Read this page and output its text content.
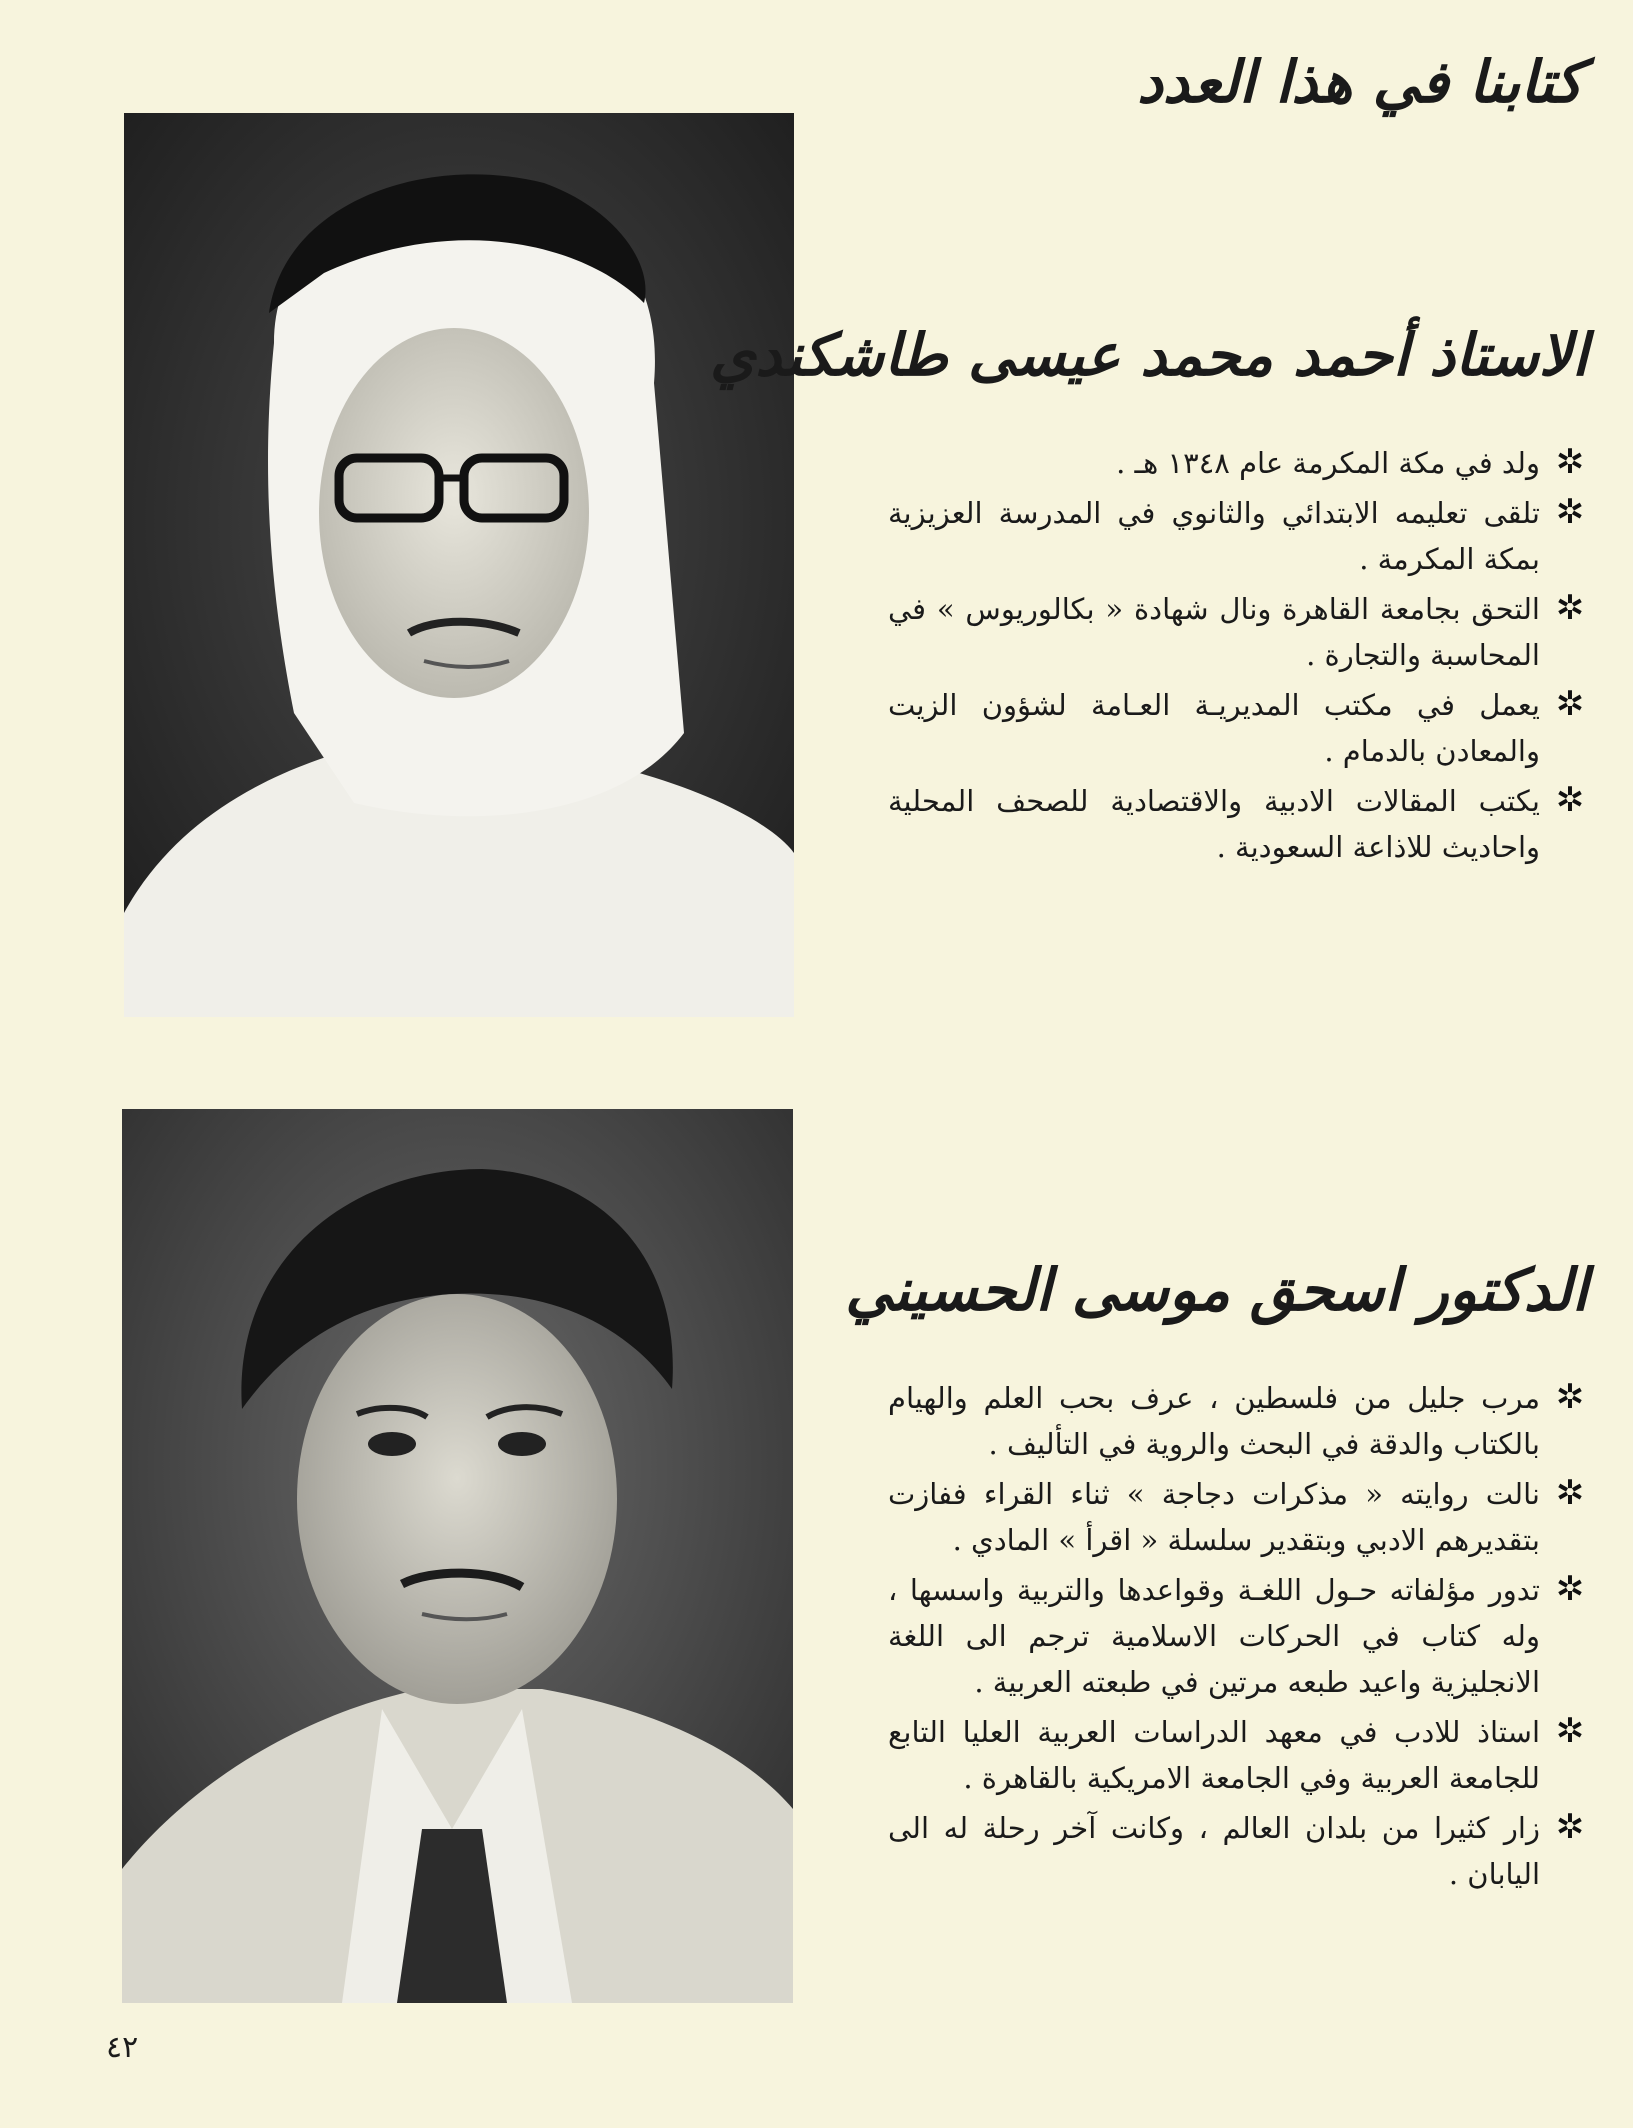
كتابنا في هذا العدد
الاستاذ أحمد محمد عيسى طاشكندي
✲
ولد في مكة المكرمة عام ١٣٤٨ هـ .
✲
تلقى تعليمه الابتدائي والثانوي في المدرسة العزيزية بمكة المكرمة .
✲
التحق بجامعة القاهرة ونال شهادة « بكالوريوس » في المحاسبة والتجارة .
✲
يعمل في مكتب المديريـة العـامة لشؤون الزيت والمعادن بالدمام .
✲
يكتب المقالات الادبية والاقتصادية للصحف المحلية واحاديث للاذاعة السعودية .
الدكتور اسحق موسى الحسيني
✲
مرب جليل من فلسطين ، عرف بحب العلم والهيام بالكتاب والدقة في البحث والروية في التأليف .
✲
نالت روايته « مذكرات دجاجة » ثناء القراء ففازت بتقديرهم الادبي وبتقدير سلسلة « اقرأ » المادي .
✲
تدور مؤلفاته حـول اللغـة وقواعدها والتربية واسسها ، وله كتاب في الحركات الاسلامية ترجم الى اللغة الانجليزية واعيد طبعه مرتين في طبعته العربية .
✲
استاذ للادب في معهد الدراسات العربية العليا التابع للجامعة العربية وفي الجامعة الامريكية بالقاهرة .
✲
زار كثيرا من بلدان العالم ، وكانت آخر رحلة له الى اليابان .
٤٢
